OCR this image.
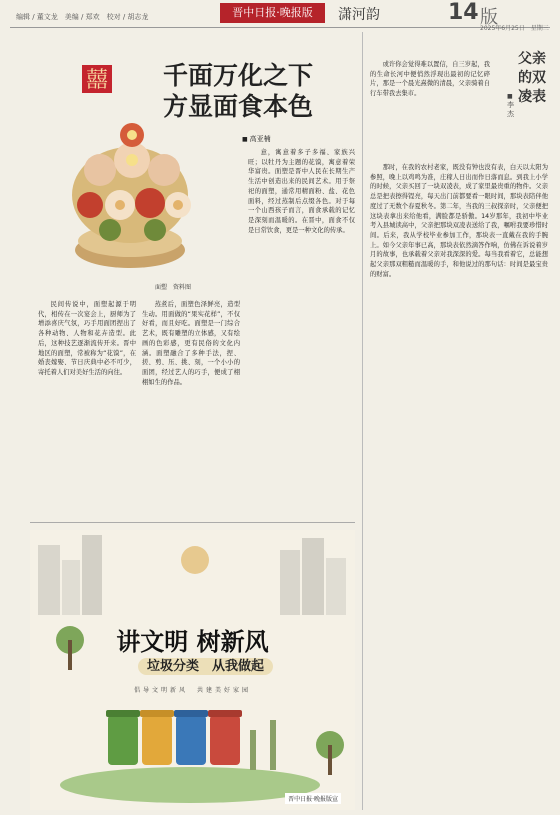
编辑 / 董文龙　美编 / 郑欢　校对 / 胡志龙	晋中日报·晚报版	潇河韵	14 版
2025年6月25日　星期三
囍
面塑　资料图
千面万化之下
方显面食本色
■ 高亚楠

民间传说中，面塑起源于明代，相传在一次宴会上，厨师为了增添喜庆气氛，巧手用面团捏出了各种动物、人物和花卉造型。此后，这种技艺逐渐流传开来。晋中地区的面塑，常被称为“花馍”，在婚丧嫁娶、节日庆典中必不可少，寄托着人们对美好生活的向往。

蒸煮后，面塑色泽鲜亮，造型生动。用面做的“果实花样”，不仅好看，而且好吃。面塑是一门综合艺术，既有雕塑的立体感，又有绘画的色彩感，更有民俗的文化内涵。面塑融合了多种手法，捏、搓、剪、压、挑、刻，一个小小的面团，经过艺人的巧手，便成了栩栩如生的作品。

意，寓意着多子多福、家族兴旺；以牡丹为主题的花馍，寓意着荣华富贵。面塑是晋中人民在长期生产生活中创造出来的民间艺术。用于祭祀的面塑，通常用精面粉、盐、花色面料，经过蒸制后点缀各色。对于每一个山西孩子而言，面食承载的记忆是深刻而温暖的。在晋中，面食不仅是日常饮食，更是一种文化的传承。

讲文明 树新风
垃圾分类　从我做起
倡导文明新风　共建美好家园
晋中日报·晚报版宣
父亲的双凌表
■ 李杰

或许你会觉得难以置信，自三岁起，我的生命长河中便悄然浮现出最初的记忆碎片，那是一个晨光熹微的清晨，父亲骑着自行车带我去集市。

那时，在我的农村老家，既没有钟也没有表，白天以太阳为参照，晚上以鸡鸣为准，庄稼人日出而作日落而息。到我上小学的时候，父亲买回了一块双凌表，成了家里最贵重的物件。父亲总是把表擦得锃亮，每天出门前都要看一眼时间，那块表陪伴他度过了无数个春夏秋冬。第二年，当我的三叔探亲时，父亲便把这块表拿出来给他看，满脸都是骄傲。14岁那年，我初中毕业考入县城读高中，父亲把那块双凌表送给了我，嘱咐我要珍惜时间。后来，我从学校毕业参加工作，那块表一直戴在我的手腕上。如今父亲年事已高，那块表依然滴答作响，仿佛在诉说着岁月的故事，也承载着父亲对我深深的爱。每当我看着它，总能想起父亲那双粗糙而温暖的手，和他说过的那句话：时间是最宝贵的财富。
